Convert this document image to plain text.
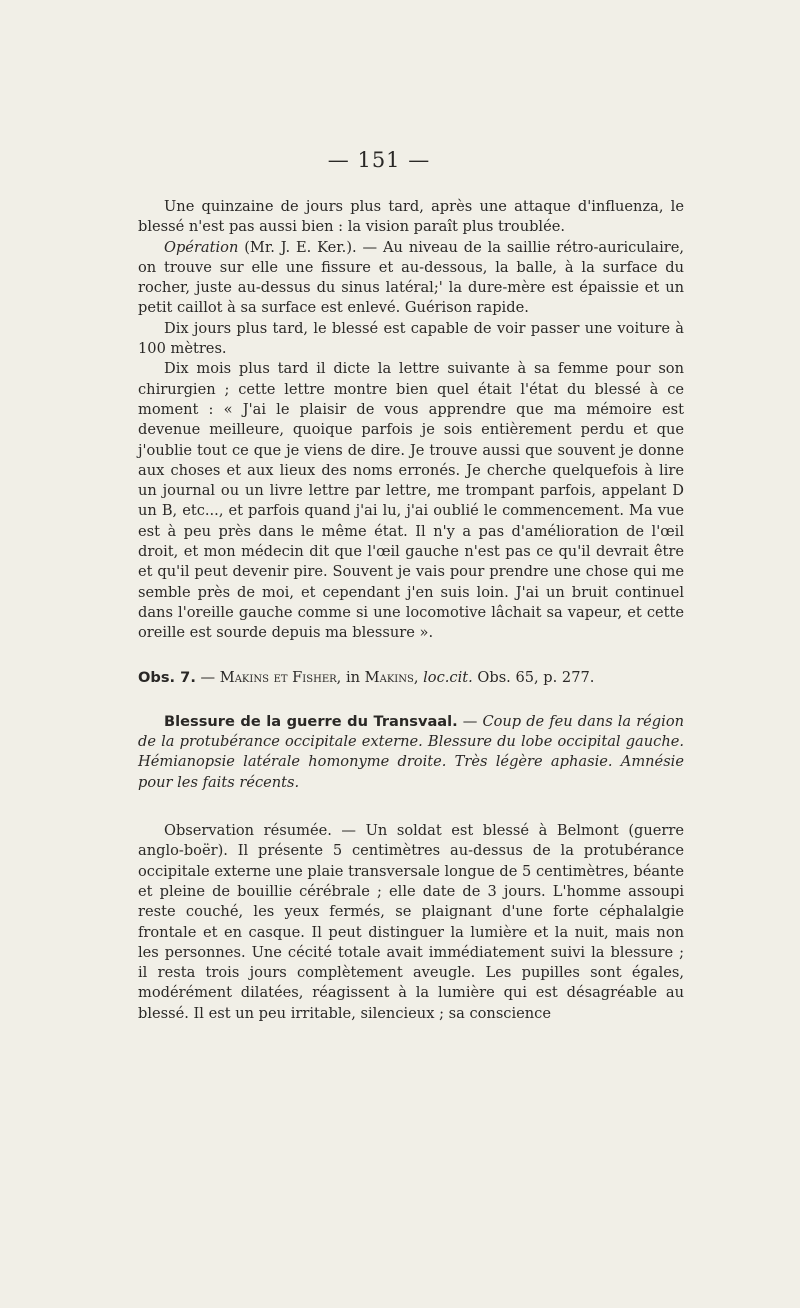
— 151 —

Une quinzaine de jours plus tard, après une attaque d'influenza, le blessé n'est pas aussi bien : la vision paraît plus troublée.

Opération (Mr. J. E. Ker.). — Au niveau de la saillie rétro-auriculaire, on trouve sur elle une fissure et au-dessous, la balle, à la surface du rocher, juste au-dessus du sinus latéral;' la dure-mère est épaissie et un petit caillot à sa surface est enlevé. Guérison rapide.

Dix jours plus tard, le blessé est capable de voir passer une voiture à 100 mètres.

Dix mois plus tard il dicte la lettre suivante à sa femme pour son chirurgien ; cette lettre montre bien quel était l'état du blessé à ce moment : « J'ai le plaisir de vous apprendre que ma mémoire est devenue meilleure, quoique parfois je sois entièrement perdu et que j'oublie tout ce que je viens de dire. Je trouve aussi que souvent je donne aux choses et aux lieux des noms erronés. Je cherche quelquefois à lire un journal ou un livre lettre par lettre, me trompant parfois, appelant D un B, etc..., et parfois quand j'ai lu, j'ai oublié le commencement. Ma vue est à peu près dans le même état. Il n'y a pas d'amélioration de l'œil droit, et mon médecin dit que l'œil gauche n'est pas ce qu'il devrait être et qu'il peut devenir pire. Souvent je vais pour prendre une chose qui me semble près de moi, et cependant j'en suis loin. J'ai un bruit continuel dans l'oreille gauche comme si une locomotive lâchait sa vapeur, et cette oreille est sourde depuis ma blessure ».

Obs. 7. — Makins et Fisher, in Makins, loc.cit. Obs. 65, p. 277.

Blessure de la guerre du Transvaal. — Coup de feu dans la région de la protubérance occipitale externe. Blessure du lobe occipital gauche. Hémianopsie latérale homonyme droite. Très légère aphasie. Amnésie pour les faits récents.

Observation résumée. — Un soldat est blessé à Belmont (guerre anglo-boër). Il présente 5 centimètres au-dessus de la protubérance occipitale externe une plaie transversale longue de 5 centimètres, béante et pleine de bouillie cérébrale ; elle date de 3 jours. L'homme assoupi reste couché, les yeux fermés, se plaignant d'une forte céphalalgie frontale et en casque. Il peut distinguer la lumière et la nuit, mais non les personnes. Une cécité totale avait immédiatement suivi la blessure ; il resta trois jours complètement aveugle. Les pupilles sont égales, modérément dilatées, réagissent à la lumière qui est désagréable au blessé. Il est un peu irritable, silencieux ; sa conscience
